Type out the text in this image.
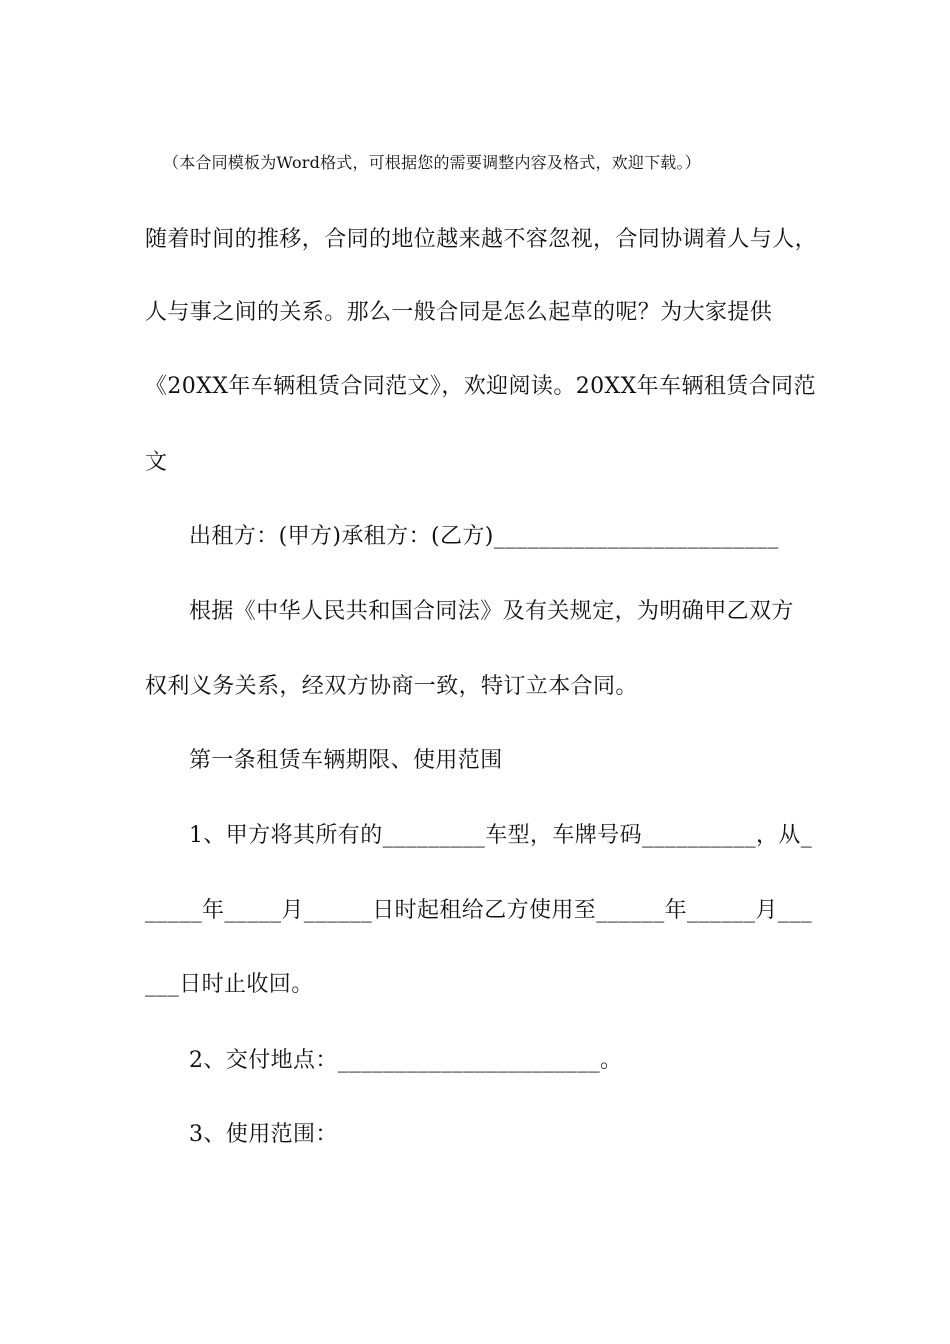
（本合同模板为Word格式，可根据您的需要调整内容及格式，欢迎下载。）
随着时间的推移，合同的地位越来越不容忽视，合同协调着人与人，
人与事之间的关系。那么一般合同是怎么起草的呢？为大家提供
《20XX年车辆租赁合同范文》，欢迎阅读。20XX年车辆租赁合同范
文
出租方：(甲方)承租方：(乙方)_________________________
根据《中华人民共和国合同法》及有关规定，为明确甲乙双方
权利义务关系，经双方协商一致，特订立本合同。
第一条租赁车辆期限、使用范围
1、甲方将其所有的_________车型，车牌号码__________，从_
_____年_____月______日时起租给乙方使用至______年______月___
___日时止收回。
2、交付地点：_______________________。
3、使用范围：
